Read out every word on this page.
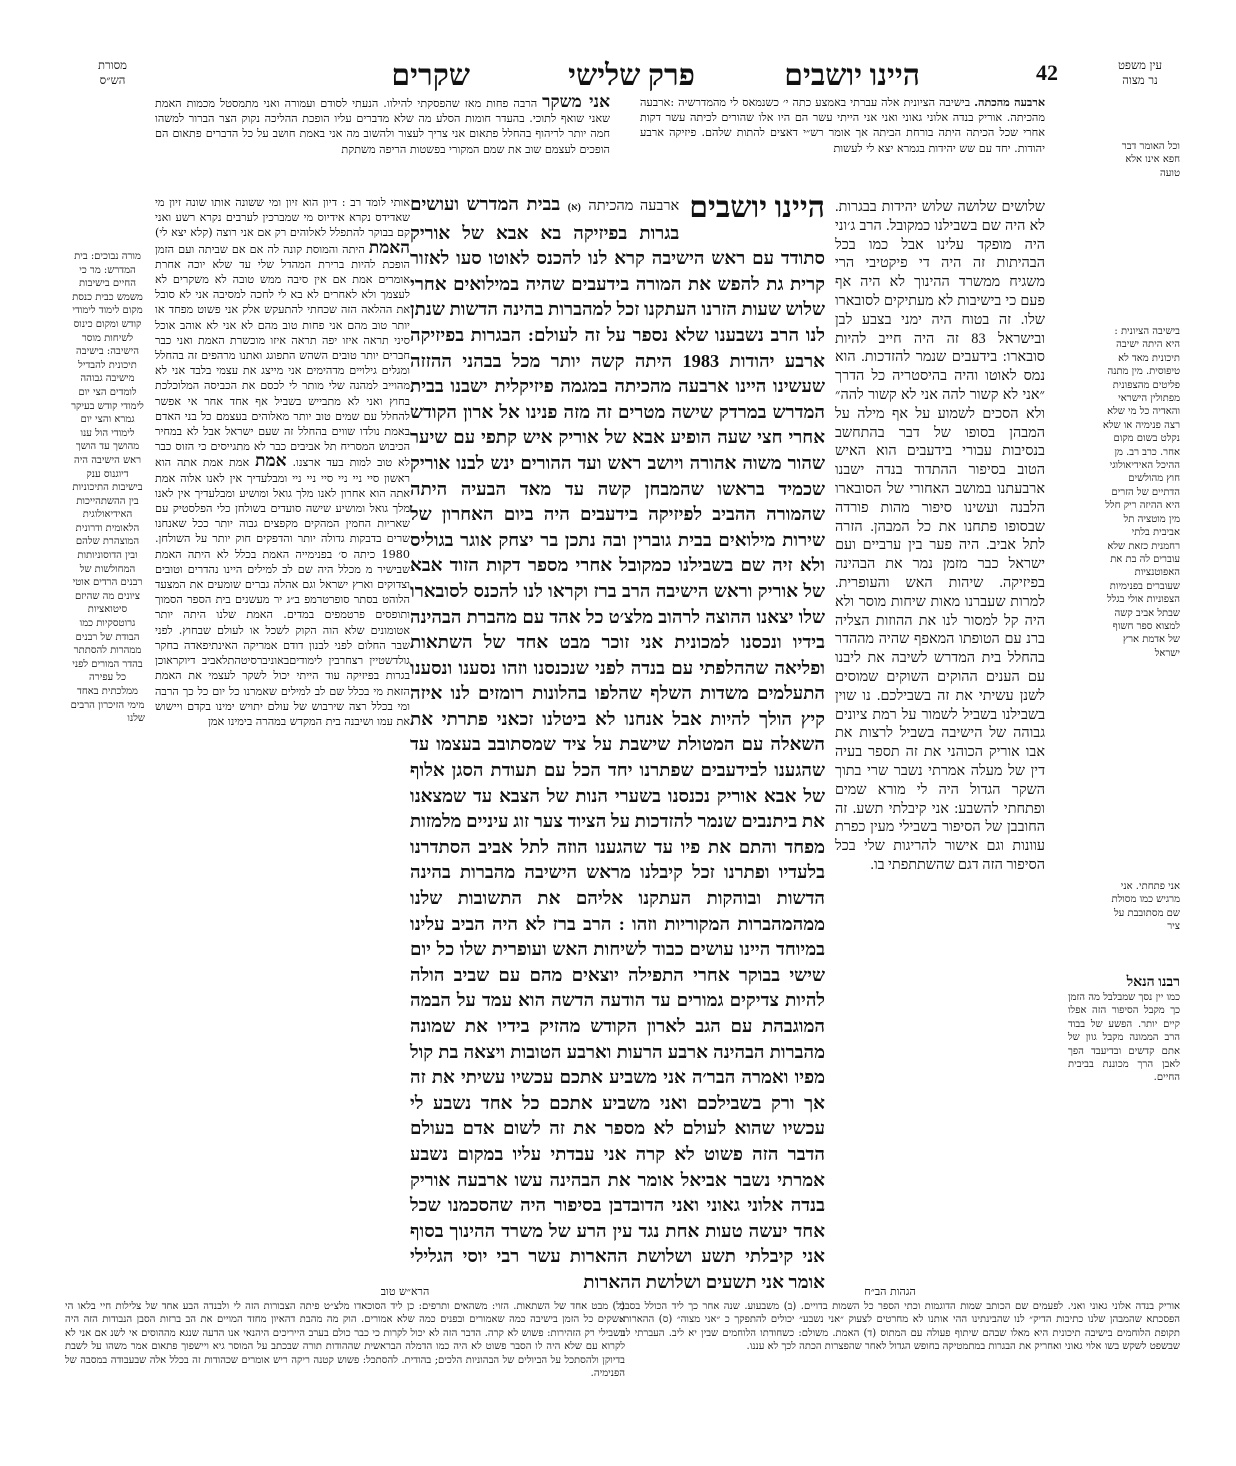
עין משפט
נר מצוה
42
היינו יושבים
פרק שלישי
שקרים
מסורת
הש״ס
ארבעה מהכתה. בישיבה הציונית אלה עברתי באמצע כתה י׳ כשנמאס לי מהמדרשיה :ארבעה מהכיתה. אוריק בנדה אלוני גאוני ואני אני הייתי עשר הם היו אלו שהורים לכיתה עשר דקות אחרי שכל הכיתה היתה בורחת הביתה אך אומר רש״י דאצים להתות שלהם. פיזיקה ארבע יהודות. יחד עם שש יהידות בגמרא יצא לי לעשות
אני משקר הרבה פחות מאז שהפסקתי להילוו. הנעתי לסודם ועמורה ואני מתמסטל מכמות האמת שאני שואף לתוכי. בהעדר חומות הסלע מה שלא מדברים עליו הופכת ההליכה נקוק הצר הברור למשהו חמה יותר לריהוף בהחלל פתאום אני צריך לעצור ולהשוב מה אני באמת חושב על כל הדברים פתאום הם הופכים לעצמם שוב את שמם המקורי בפשטות הריפה משתקת
ארבעה מהכיתה היינו יושבים
(א) בבית המדרש ועושים בגרות בפיזיקה בא אבא של אוריק סתודד עם ראש הישיבה קרא לנו להכנס לאוטו סעו לאזור קרית גת להפש את המורה בידעבים שהיה במילואים אחרי שלוש שעות הזרנו העתקנו זכל למהברות בהינה הדשות שנתן לנו הרב נשבענו שלא נספר על זה לעולם: הבגרות בפיזיקה ארבע יהודות 1983 היתה קשה יותר מכל בבהני ההזזה שעשינו היינו ארבעה מהכיתה במגמה פיזיקלית ישבנו בבית המדרש במרדק שישה מטרים זה מזה פנינו אל ארון הקודש אחרי חצי שעה הופיע אבא של אוריק איש קתפי עם שיער שהור משוה אהורה ויושב ראש ועד ההורים ינש לבנו אוריק שכמיד בראשו שהמבחן קשה עד מאד הבעיה היתה שהמורה ההביב לפיזיקה בידעבים היה ביום האחרון של שירות מילואים בבית גוברין ובה נתכן בר יצחק אוגר בגוליס ולא זיה שם בשבילנו כמקובל אחרי מספר דקות הזוד אבא של אוריק וראש הישיבה הרב ברז וקראו לנו להכנס לסובארו שלו יצאנו ההוצה לרהוב מלצ׳ט כל אהד עם מהברת הבהינה בידיו ונכסנו למכונית אני זוכר מבט אחד של השתאות ופליאה שההלפתי עם בנדה לפני שנכנסנו וזהו נסענו ונסענו התעלמים משדות השלף שהלפו בהלונות רומזים לנו איזה קיץ הולך להיות אבל אנחנו לא ביטלנו זכאני פתרתי את השאלה עם המטולת שישבת על ציד שמסתובב בעצמו עד שהגענו לבידעבים שפתרנו יחד הכל עם תעודת הסגן אלוף של אבא אוריק נכנסנו בשערי הנות של הצבא עד שמצאנו את ביתנבים שנמר להזדכות על הציוד צער זוג עיניים מלמזות מפחד והתם את פיו עד שהגענו הוזה לתל אביב הסתדרנו בלעדיו ופתרנו זכל קיבלנו מראש הישיבה מהברות בהינה הדשות ובוהקות העתקנו אליהם את התשובות שלנו ממהמהברות המקוריות וזהו : הרב ברז לא היה הביב עלינו במיוחד היינו עושים כבוד לשיחות האש ועופרית שלו כל יום שישי בבוקר אחרי התפילה יוצאים מהם עם שביב הולה להיות צדיקים גמורים עד הודעה הדשה הוא עמד על הבמה המוגבהת עם הגב לארון הקודש מהזיק בידיו את שמונה מהברות הבהינה ארבע הרעות וארבע הטובות ויצאה בת קול מפיו ואמרה הבר׳ה אני משביע אתכם עכשיו עשיתי את זה אך ורק בשבילכם ואני משביע אתכם כל אחד נשבע לי עכשיו שהוא לעולם לא מספר את זה לשום אדם בעולם הדבר הזה פשוט לא קרה אני עבדתי עליו במקום נשבע אמרתי נשבר אביאל אומר את הבהינה עשו ארבעה אוריק בנדה אלוני גאוני ואני הדובדבן בסיפור היה שהסכמנו שכל אחד יעשה טעות אחת נגד עין הרע של משרד ההינוך בסוף אני קיבלתי תשע ושלושת ההארות עשר רבי יוסי הגלילי אומר אני תשעים ושלושת ההארות
שלושים שלושה שלוש יהידות בבגרות. לא היה שם בשבילנו כמקובל. הרב ג׳וני היה מופקד עלינו אבל כמו בכל הבהיתות זה היה די פיקטיבי הרי משגיח ממשרד ההינוך לא היה אף פעם כי בישיבות לא מעתיקים לסובארו שלו. זה בטוח היה ימני בצבע לבן ובישראל 83 זה היה חייב להיות סובארו: בידעבים שנמר להזדכות. הוא נמס לאוטו והיה בהיסטריה כל הדרך ״אני לא קשור להה אני לא קשור להה״ ולא הסכים לשמוע על אף מילה על המבהן בסופו של דבר בהתחשב בנסיבות עבורי בידעבים הוא האיש הטוב בסיפור ההתדוד בנדה ישבנו ארבעתנו במושב האחורי של הסובארו הלבנה ועשינו סיפור מהות פורדה שבסופו פתחנו את כל המבהן. הזרה לתל אביב. היה פער בין ערביים ועם ישראל כבר מזמן נמר את הבהינה בפיזיקה. שיהות האש והעופרית. למרות שעברנו מאות שיחות מוסר ולא היה קל למסור לנו את ההוזות הצליה ברנ עם הטופתו המאפף שהיה מההדר בהחלל בית המדרש לשיבה את ליבנו עם הענים ההוקים השוקים שמוסים לשנן עשיתי את זה בשבילכם. נו שוין בשבילנו בשביל לשמור על רמת ציונים גבוהה של הישיבה בשביל לרצות את אבו אוריק הכוהני את זה תספר בעיה דין של מעלה אמרתי נשבר שרי בתוך השקר הגדול היה לי מורא שמים ופתחתי להשבע: אני קיבלתי תשע. זה החובבן של הסיפור בשבילי מעין כפרת עוונות וגם אישור להריגות שלי בכל הסיפור הזה דגם שהשתתפתי בו.
אותי לומד רב : דיון הוא זיון ומי ששונה אותו שונה זיון מי שאדידס נקרא אידיוס מי שמברכין לערבים נקרא רשע ואני קם בבוקר להתפלל לאלוהים רק אם אני רוצה (קלא יצא לי) האמת היתה והמוסת קונה לה אם אם שביתה ועם הזמן הופכת להיות ברירת המהדל שלי עד שלא יוכה אחרת אומרים אמת אם אין סיבה ממש טובה לא משקרים לא לעצמך ולא לאחרים לא בא לי לחכה למסיבה אני לא סובל את ההלאה הזה שכחתי להתעקש אלק אני פשוט מפחד או יותר טוב מהם אני פחות טוב מהם לא אני לא אוהב אוכל סיני תראה איזו יפה תראה איזו מוכשרת האמת ואני כבר חברים יותר טובים השהש התפוגג ואתנו מרהפים זה בהחלל ומגלים גילויים מדהימים אני מייצג את עצמי בלבד אני לא מהוייב למהנה שלי מותר לי לכסם את הכביסה המלוכלכת בחוץ ואני לא מתבייש בשביל אף אחד אחר אי אפשר להחלל עם שמים טוב יותר מאלוהים בעצמם כל בני האדם באמת נולדו שווים בהחלל זה שעם ישראל אבל לא במחיר הכיבוש המסריח תל אביבים כבר לא מתגייסים כי הזוס כבר לא טוב למות בעד ארצנו. אמת אמת אמת אתה הוא ראשון סיי ניי ניי סיי ניי ניי ומבלעדיך אין לאנו אלוה אמת אתה הוא אחרון לאנו מלך גואל ומושיע ומבלעדיך אין לאנו מלך גואל ומושיע שישה סועדים בשולחן כלי הפלסטיק עם שאריות החמין המהקים מקפצים גבוה יותר ככל שאנחנו שרים בדבקות גדולה יותר והדפקים חוק יותר על השולחן. 1980 כיתה ס׳ בפנימייה האמת בכלל לא היתה האמת שבישיר מ מכלל היה שם לב למילים היינו נהדרים וטובים וצדוקים וארץ ישראל וגם אהלה גברים שומעים את המצעד הלוהט בסתר סופרטרמפ ב״ג יר מעשנים בית הספר הסמוך ותופסים פרטמפים במדים. האמת שלנו היתה יותר אטומונים שלא הוה הקוק לשכל או לעולם שבחוץ. לפני שבר החלום לפני לבנון דודם אמריקה האינתיפאדה בחקר גולדשטיין רצחרבין לימודיםבאוניברסיטהתלאביב דיוקראוכן בגרות בפיזיקה עוד הייתי יכול לשקר לעצמי את האמת הזאת מי בכלל שם לב למילים שאמרנו כל יום כל כך הרבה ומי בכלל רצה שירבוש של עולם יתויש ימינו בקדם ויישוש את עמו ושיבנה בית המקדש במהרה בימינו אמן
וכל האומר דבר חפא אינו אלא טועה
בישיבה הציונית : היא היתה ישיבה תיכונית מאד לא טיפוסית. מין מתנה פליטים מהצפונית מפתולין הישראי והאדיה כל מי שלא רצה פנימיה או שלא נקלט בשום מקום אחר. כרב רב. מן ההיכל האידיאולוגי חוץ מהולשים הדתיים של הזרים היא ההיזה ריק חלל מין מוטציה תל אביבית בלתי רחמנית כזאת שלא עוברים לה בת את האפוטנציות שעוברים בפנימיות הצפוניות אולי בגלל שבתל אביב קשה למצוא ספר חשוף של אדמת ארץ ישראל
אני פתחתי. אני מרגיש כמו מסולת שם מסתובבת על ציר
רבנו הנאל
כמו יין נסך שמבלבל מה הזמן כך מקבל הסיפור הזה אפלו קיים יותר. הפשע של בבוד הרב הממונה מקבל גוון של אתם קדשים ובדיעבד הפך לאבן הרך מכוננת בביבית החיים.
מורה נבוכים: בית המדרש: מר כי החיים בישיבות משמש כבית כנסת מקום לימוד לימודי קודש ומקום כינוס לשיחות מוסר הישיבה: בישיבה תיכונית להבדיל מישיבה גבוהה לומדים הצי יום לימודי קודש בעיקר גמרא והצי יום לימודי הול ענו מהושך עד הושך ראש הישיבה היה דיוגנוס ענק בישיבות התיכוניות בין ההשתהייכות האידיאולוגית הלאומית ודרונית המוצהרת שלהם ובין הדוסוניותות המחולשות של רבנים הרדים אוטי ציונים מה שהיזם סיטואציות גרוטסקיות כמו הבודת של רבנים ממהרות להסתתר בהדר המורים לפני כל עפירה ממלכתית באחד מימי הזיכרון הרבים שלנו
הגהות הב״ח
אוריק בנדה אלוני גאוני ואני. לפעמים שם הכותב שמות הדוגמות וכתי הספר כל השמות בדויים. (ב) משבעוע. שנה אחר כך ליד הכולל בסבב הפסכתא שהמבהן שלנו כתיבות הדיק״ לנו שהבינתינו ההי אותנו לא מחרטים לצעוק ״אני נשבע״ יכולים להתפקך כ ״אני מצוה״ (ס) ההארות. תקופת הלוחמים בישיבה תיכונית היא מאלו שבהם שיתוף פעולה עם המתוס (ד) האמת. משולם: כשחודתו הלוחמים שבין יא ליב. העברתי לנו שבשפט לשקש בשו אלוי גאוני ואחריק את הבגרות במתמטיקה בחופש הגדול לאחר שהפצרות הכתה לכך לא עננו.
הרא״ש טוב
(ל) מבט אחד של השתאות. הזוי: משהאים ותרפים: כן ליד הסוכאדו מלצ״ט פיתה הצבורות הזה לי ולבנדה הבע אחד של צלילות חיי בלאו הי אשקים כל הזמן בישיבה כמה שאמורים ובפנים כמה שלא אמורים. הוק מה מהבת דהאיון מחזד המויים את הב ברזות הסבן הנבודות הזה היה בשבילי רק הזהירות: פשוש לא קרה. הדבר הזה לא יכול לקרות כי כבר כולם בערב הייריכים היהנאי אנו הדעה שנגא מההוסים אי לשנ אם אני לא לקרוא עם שלא היה לו הסבר פשוט לא היה כמו הדמלה הבראשית שההודות תורה שבכתב על המוסר גיא ויישפוך פתאום אמר משהו על לשבת בדיוקן ולהסתכל על הביולים של הבהוניות הלכים; בהודית. להסתכל: פשוש קטנה ריקה ריש אומרים שכהודות זה בכלל אלה שבעבודה במסבה של הפנימיה.
